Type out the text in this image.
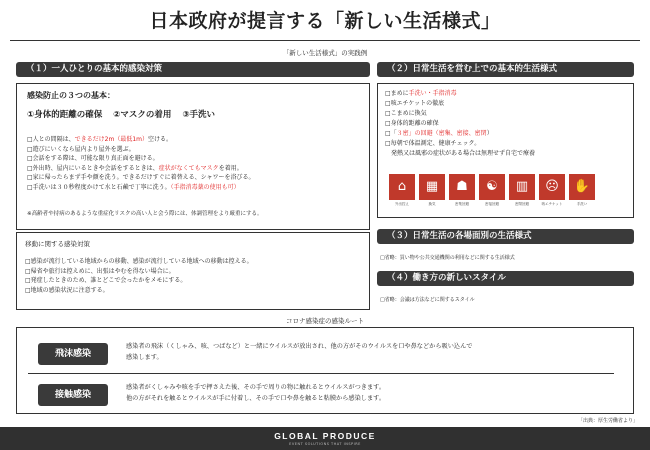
日本政府が提言する「新しい生活様式」
「新しい生活様式」の実践例
（１）一人ひとりの基本的感染対策
感染防止の３つの基本：
①身体的距離の確保 ②マスクの着用 ③手洗い
□人との間隔は、できるだけ2m（最低1m）空ける。
□遊びにいくなら屋内より屋外を選ぶ。
□会話をする際は、可能な限り真正面を避ける。
□外出時、屋内にいるときや会話をするときは、症状がなくてもマスクを着用。
□家に帰ったらまず手や顔を洗う。できるだけすぐに着替える、シャワーを浴びる。
□手洗いは３０秒程度かけて水と石鹸で丁寧に洗う。（手指消毒薬の使用も可）
※高齢者や持病のあるような重症化リスクの高い人と会う際には、体調管理をより厳重にする。
移動に関する感染対策
□感染が流行している地域からの移動、感染が流行している地域への移動は控える。
□帰省や旅行は控えめに、出張はやむを得ない場合に。
□発症したときのため、誰とどこで会ったかをメモにする。
□地域の感染状況に注意する。
（２）日常生活を営む上での基本的生活様式
□まめに手洗い・手指消毒
□咳エチケットの徹底
□こまめに換気
□身体的距離の確保
□「３密」の回避（密集、密接、密閉）
□毎朝で体温測定、健康チェック。
　発熱又は風邪の症状がある場合は無理せず自宅で療養
⌂
外出控え
▦
換気
☗
密集回避
☯
密接回避
▥
密閉回避
☹
咳エチケット
✋
手洗い
（３）日常生活の各場面別の生活様式
□省略：買い物や公共交通機関の利用などに関する生活様式
（４）働き方の新しいスタイル
□省略：会議は方法などに関するスタイル
コロナ感染症の感染ルート
飛沫感染
感染者の飛沫（くしゃみ、咳、つばなど）と一緒にウイルスが放出され、他の方がそのウイルスを口や鼻などから吸い込んで
感染します。
接触感染
感染者がくしゃみや咳を手で押さえた後、その手で周りの物に触れるとウイルスがつきます。
他の方がそれを触るとウイルスが手に付着し、その手で口や鼻を触ると粘膜から感染します。
「出典：厚生労働省より」
GLOBAL PRODUCE
EVENT SOLUTIONS THAT INSPIRE
